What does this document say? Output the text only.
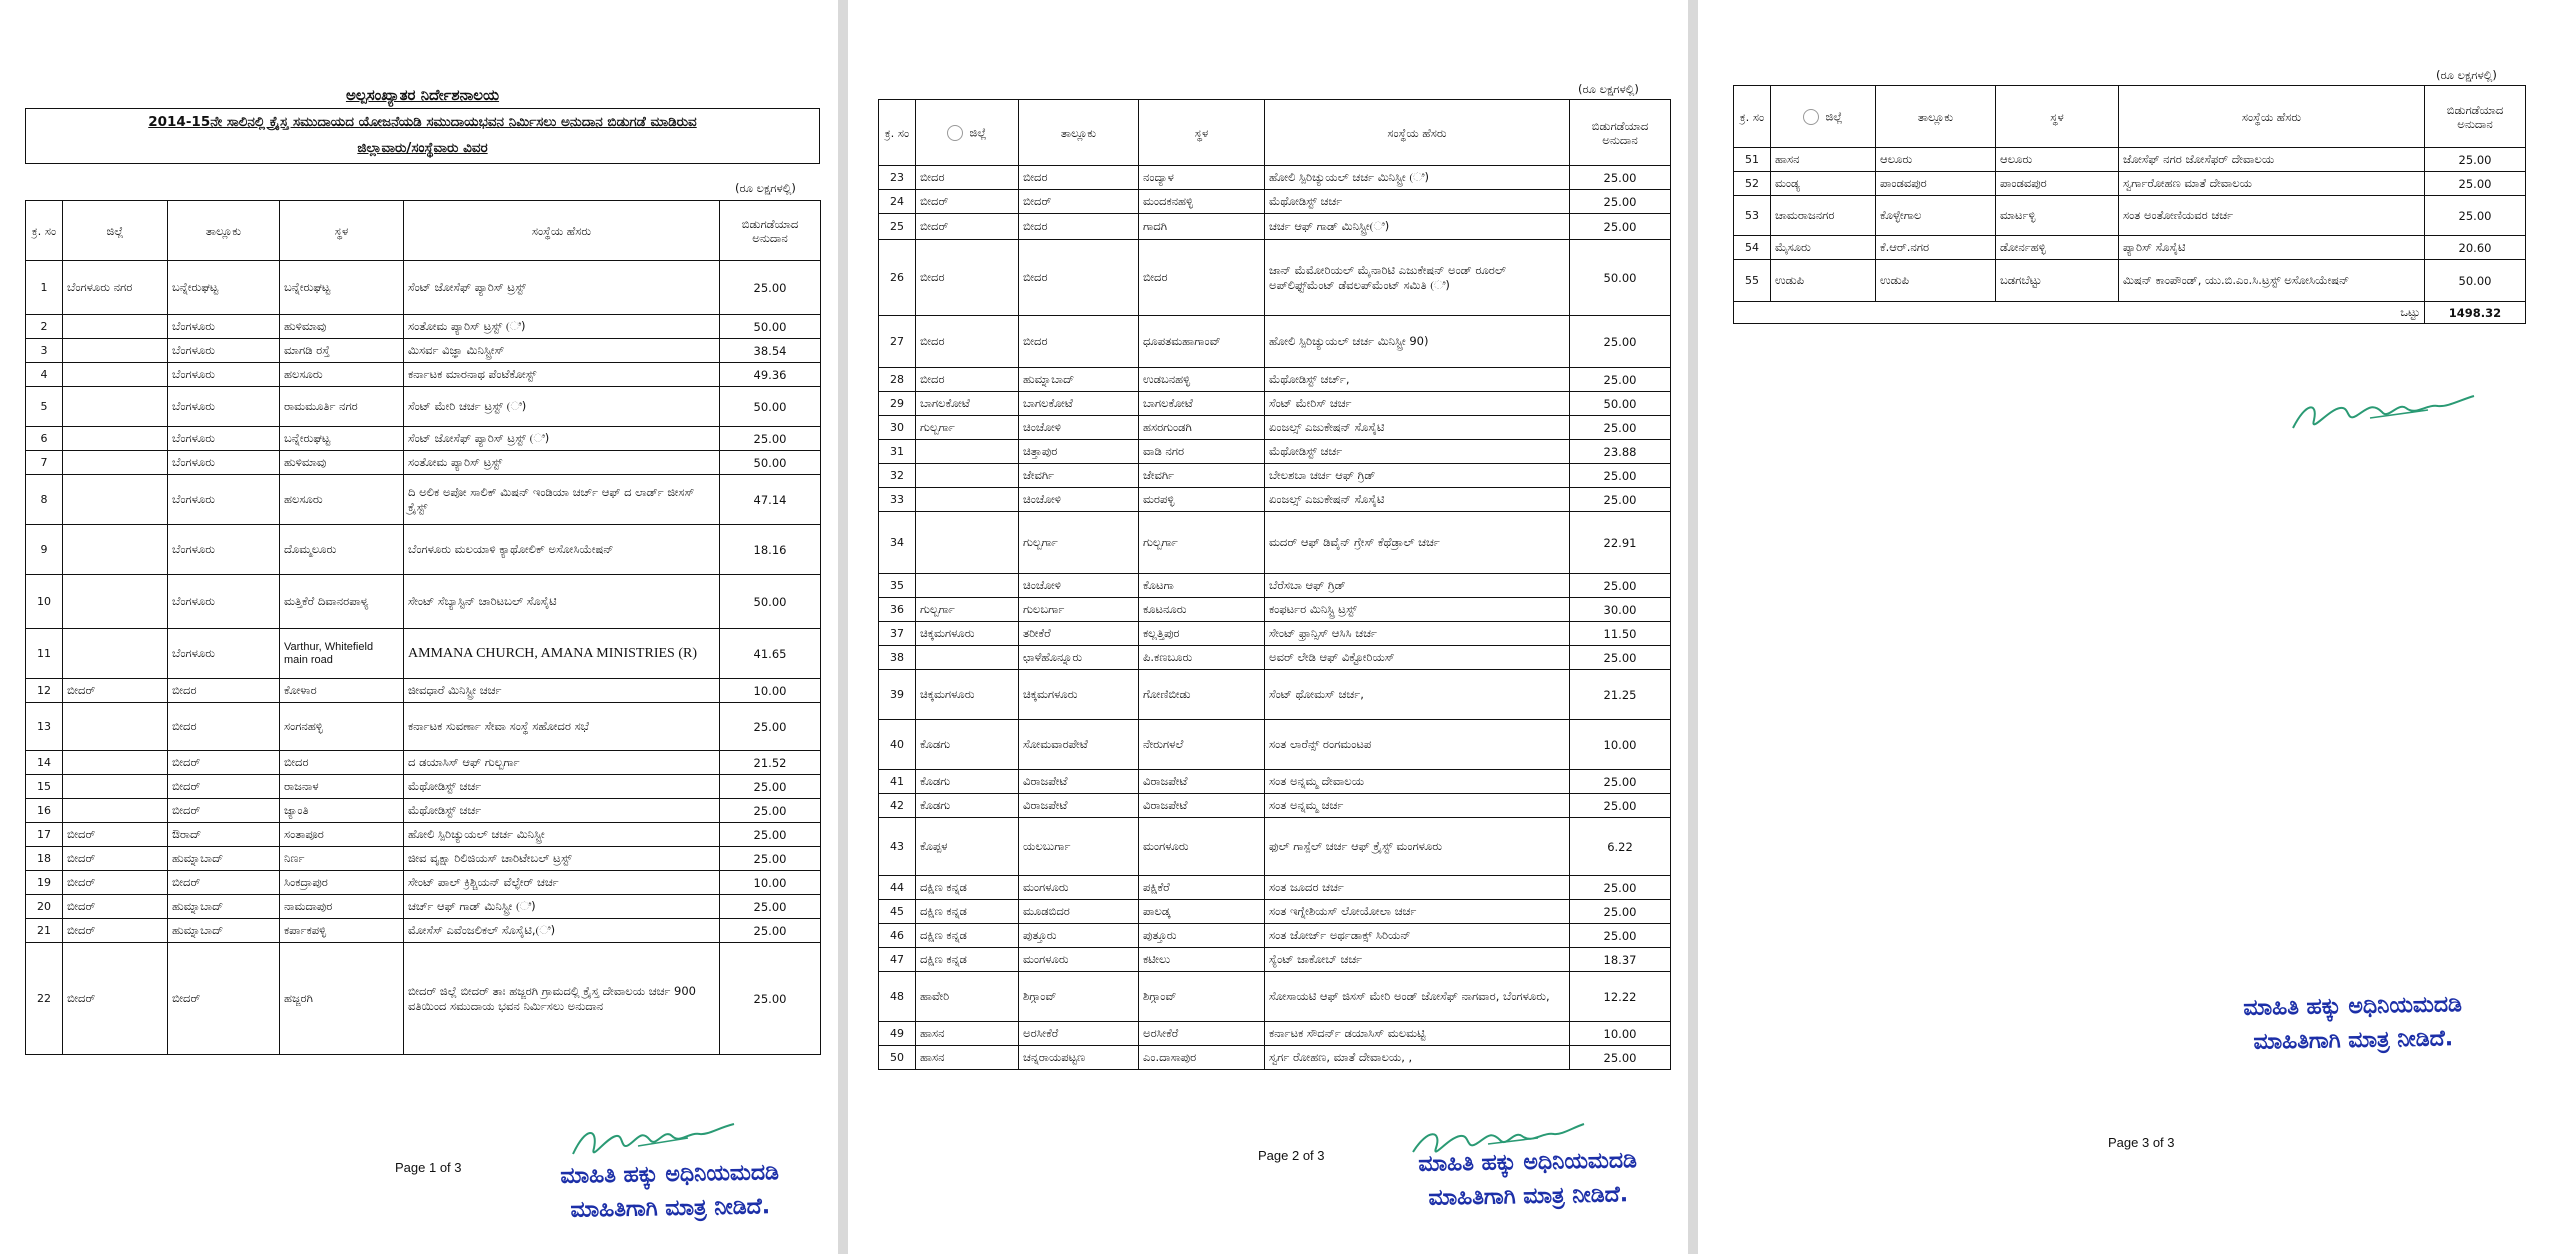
ಅಲ್ಪಸಂಖ್ಯಾತರ ನಿರ್ದೇಶನಾಲಯ
2014-15ನೇ ಸಾಲಿನಲ್ಲಿ ಕ್ರೈಸ್ತ ಸಮುದಾಯದ ಯೋಜನೆಯಡಿ ಸಮುದಾಯಭವನ ನಿರ್ಮಿಸಲು ಅನುದಾನ ಬಿಡುಗಡೆ ಮಾಡಿರುವ
ಜಿಲ್ಲಾವಾರು/ಸಂಸ್ಥೆವಾರು ವಿವರ
(ರೂ ಲಕ್ಷಗಳಲ್ಲಿ)
ಕ್ರ. ಸಂ	ಜಿಲ್ಲೆ	ತಾಲ್ಲೂಕು	ಸ್ಥಳ	ಸಂಸ್ಥೆಯ ಹೆಸರು	ಬಿಡುಗಡೆಯಾದ ಅನುದಾನ
1	ಬೆಂಗಳೂರು ನಗರ	ಬನ್ನೇರುಘಟ್ಟ	ಬನ್ನೇರುಘಟ್ಟ	ಸೆಂಟ್ ಜೋಸೆಫ್ ಪ್ಯಾರಿಸ್ ಟ್ರಸ್ಟ್	25.00
2		ಬೆಂಗಳೂರು	ಹುಳಿಮಾವು	ಸಂತೋಮ ಪ್ಯಾರಿಸ್ ಟ್ರಸ್ಟ್ (ಿ)	50.00
3		ಬೆಂಗಳೂರು	ಮಾಗಡಿ ರಸ್ತೆ	ಮಿಸರ್ವ ವಿಜ್ಞಾ ಮಿನಿಸ್ಟ್ರೀಸ್	38.54
4		ಬೆಂಗಳೂರು	ಹಲಸೂರು	ಕರ್ನಾಟಕ ಮಾರನಾಥ ಪೆಂಟೆಕೋಸ್ಟ್	49.36
5		ಬೆಂಗಳೂರು	ರಾಮಮೂರ್ತಿ ನಗರ	ಸೆಂಟ್ ಮೇರಿ ಚರ್ಚ ಟ್ರಸ್ಟ್ (ಿ)	50.00
6		ಬೆಂಗಳೂರು	ಬನ್ನೇರುಘಟ್ಟ	ಸೆಂಟ್ ಜೋಸೆಫ್ ಪ್ಯಾರಿಸ್ ಟ್ರಸ್ಟ್ (ಿ)	25.00
7		ಬೆಂಗಳೂರು	ಹುಳಿಮಾವು	ಸಂತೋಮ ಪ್ಯಾರಿಸ್ ಟ್ರಸ್ಟ್	50.00
8		ಬೆಂಗಳೂರು	ಹಲಸೂರು	ದಿ ಅಲಿಕ ಅಪೋ ಸಾಲಿಕ್ ಮಿಷನ್ ಇಂಡಿಯಾ ಚರ್ಚ್ ಆಫ್ ದ ಲಾರ್ಡ್ ಜೀಸಸ್ ಕ್ರೈಸ್ಟ್	47.14
9		ಬೆಂಗಳೂರು	ದೊಮ್ಮಲೂರು	ಬೆಂಗಳೂರು ಮಲಯಾಳಿ ಕ್ಯಾಥೋಲಿಕ್ ಅಸೋಸಿಯೇಷನ್	18.16
10		ಬೆಂಗಳೂರು	ಮತ್ತಿಕೆರೆ ದಿವಾನರಪಾಳ್ಯ	ಸೇಂಟ್ ಸೆಬ್ಯಾಸ್ಟಿನ್ ಚಾರಿಟಬಲ್ ಸೊಸೈಟಿ	50.00
11		ಬೆಂಗಳೂರು	Varthur, Whitefield main road	AMMANA CHURCH, AMANA MINISTRIES (R)	41.65
12	ಬೀದರ್	ಬೀದರ	ಕೋಳಾರ	ಜೀವಧಾರೆ ಮಿನಿಸ್ಟ್ರೀ ಚರ್ಚ	10.00
13		ಬೀದರ	ಸಂಗನಹಳ್ಳಿ	ಕರ್ನಾಟಕ ಸುವರ್ಣಾ ಸೇವಾ ಸಂಸ್ಥೆ ಸಹೋದರ ಸಭೆ	25.00
14		ಬೀದರ್	ಬೀದರ	ದ ಡಯಾಸಿಸ್ ಆಫ್ ಗುಲ್ಬರ್ಗಾ	21.52
15		ಬೀದರ್	ರಾಜನಾಳ	ಮೆಥೋಡಿಸ್ಟ್ ಚರ್ಚ	25.00
16		ಬೀದರ್	ಜ್ಯಾಂತಿ	ಮೆಥೋಡಿಸ್ಟ್ ಚರ್ಚ	25.00
17	ಬೀದರ್	ಔರಾದ್	ಸಂತಾಪೂರ	ಹೋಲಿ ಸ್ಪಿರಿಚ್ಯುಯಲ್ ಚರ್ಚ ಮಿನಿಸ್ಟ್ರೀ	25.00
18	ಬೀದರ್	ಹುಮ್ನಾಬಾದ್	ನಿರ್ಣ	ಜೀವ ವೃಕ್ಷಾ ರಿಲಿಜಿಯಸ್ ಚಾರಿಟೇಬಲ್ ಟ್ರಸ್ಟ್	25.00
19	ಬೀದರ್	ಬೀದರ್	ಸಿಂಕದ್ರಾಪುರ	ಸೇಂಟ್ ಪಾಲ್ ಕ್ರಿಶ್ಚಿಯನ್ ವೆಲ್ಫೇರ್ ಚರ್ಚ	10.00
20	ಬೀದರ್	ಹುಮ್ನಾಬಾದ್	ನಾಮದಾಪುರ	ಚರ್ಚ್ ಆಫ್ ಗಾಡ್ ಮಿನಿಸ್ಟ್ರೀ (ಿ)	25.00
21	ಬೀದರ್	ಹುಮ್ನಾಬಾದ್	ಕರ್ಪಾಕಪಳ್ಳಿ	ಮೋಸೆಸ್ ಎವೆಂಜಲಿಕಲ್ ಸೊಸೈಟಿ,(ಿ)	25.00
22	ಬೀದರ್	ಬೀದರ್	ಹಜ್ಜರಗಿ	ಬೀದರ್ ಜಿಲ್ಲೆ ಬೀದರ್ ತಾಃ ಹಜ್ಜರಗಿ ಗ್ರಾಮದಲ್ಲಿ ಕ್ರೈಸ್ತ ದೇವಾಲಯ ಚರ್ಚ 900 ವತಿಯಿಂದ ಸಮುದಾಯ ಭವನ ನಿರ್ಮಿಸಲು ಅನುದಾನ	25.00
Page 1 of 3	ಮಾಹಿತಿ ಹಕ್ಕು ಅಧಿನಿಯಮದಡಿ
ಮಾಹಿತಿಗಾಗಿ ಮಾತ್ರ ನೀಡಿದೆ.
(ರೂ ಲಕ್ಷಗಳಲ್ಲಿ)
ಕ್ರ. ಸಂ	ಜಿಲ್ಲೆ	ತಾಲ್ಲೂಕು	ಸ್ಥಳ	ಸಂಸ್ಥೆಯ ಹೆಸರು	ಬಿಡುಗಡೆಯಾದ ಅನುದಾನ
23	ಬೀದರ	ಬೀದರ	ನಂದ್ಯಾಳ	ಹೋಲಿ ಸ್ಪಿರಿಚ್ಯುಯಲ್ ಚರ್ಚ ಮಿನಿಸ್ಟ್ರೀ (ಿ)	25.00
24	ಬೀದರ್	ಬೀದರ್	ಮಂದಕನಹಳ್ಳಿ	ಮೆಥೋಡಿಸ್ಟ್ ಚರ್ಚ	25.00
25	ಬೀದರ್	ಬೀದರ	ಗಾದಗಿ	ಚರ್ಚ ಆಫ್ ಗಾಡ್ ಮಿನಿಸ್ಟ್ರೀ(ಿ)	25.00
26	ಬೀದರ	ಬೀದರ	ಬೀದರ	ಜಾನ್ ಮೆಮೋರಿಯಲ್ ಮೈನಾರಿಟಿ ಎಜುಕೇಷನ್ ಅಂಡ್ ರೂರಲ್ ಅಪ್‌ಲಿಫ್ಟ್‌ಮೆಂಟ್ ಡೆವಲಪ್‌ಮೆಂಟ್ ಸಮಿತಿ (ಿ)	50.00
27	ಬೀದರ	ಬೀದರ	ಧೂಪತಮಹಾಗಾಂವ್	ಹೋಲಿ ಸ್ಪಿರಿಚ್ಯುಯಲ್ ಚರ್ಚ ಮಿನಿಸ್ಟ್ರೀ 90)	25.00
28	ಬೀದರ	ಹುಮ್ನಾಬಾದ್	ಉಡಬನಹಳ್ಳಿ	ಮೆಥೋಡಿಸ್ಟ್ ಚರ್ಚ್,	25.00
29	ಬಾಗಲಕೋಟೆ	ಬಾಗಲಕೋಟೆ	ಬಾಗಲಕೋಟೆ	ಸೆಂಟ್ ಮೇರಿಸ್ ಚರ್ಚ	50.00
30	ಗುಲ್ಬರ್ಗಾ	ಚಿಂಚೋಳಿ	ಹಸರಗುಂಡಗಿ	ಏಂಜಲ್ಸ್ ಎಜುಕೇಷನ್ ಸೊಸೈಟಿ	25.00
31		ಚಿತ್ತಾಪುರ	ವಾಡಿ ನಗರ	ಮೆಥೋಡಿಸ್ಟ್ ಚರ್ಚ	23.88
32		ಜೇವರ್ಗಿ	ಜೇವರ್ಗಿ	ಬೇಲಶಬಾ ಚರ್ಚ ಆಫ್ ಗ್ರಿಡ್	25.00
33		ಚಿಂಚೋಳಿ	ಮರಪಳ್ಳಿ	ಏಂಜಲ್ಸ್ ಎಜುಕೇಷನ್ ಸೊಸೈಟಿ	25.00
34		ಗುಲ್ಬರ್ಗಾ	ಗುಲ್ಬರ್ಗಾ	ಮದರ್ ಆಫ್ ಡಿವೈನ್ ಗ್ರೇಸ್ ಕೆಥೆಡ್ರಾಲ್ ಚರ್ಚ	22.91
35		ಚಿಂಚೋಳಿ	ಕೊಟಗಾ	ಬೆರೆಸಬಾ ಆಫ್ ಗ್ರಿಡ್	25.00
36	ಗುಲ್ಬರ್ಗಾ	ಗುಲಬರ್ಗಾ	ಕೂಟನೂರು	ಕಂಫರ್ಟರ ಮಿನಿಸ್ಟ್ರಿ ಟ್ರಸ್ಟ್	30.00
37	ಚಿಕ್ಕಮಗಳೂರು	ತರೀಕೆರೆ	ಕಲ್ಲತ್ತಿಪುರ	ಸೇಂಟ್ ಫ್ರಾನ್ಸಿಸ್ ಆಸಿಸಿ ಚರ್ಚ	11.50
38		ಛಾಳೆಹೊನ್ನೂರು	ಪಿ.ಕಣಬೂರು	ಅವರ್ ಲೇಡಿ ಆಫ್ ವಿಕ್ಟೋರಿಯಸ್	25.00
39	ಚಿಕ್ಕಮಗಳೂರು	ಚಿಕ್ಕಮಗಳೂರು	ಗೋಣಿಬೀಡು	ಸೆಂಟ್ ಥೋಮಸ್ ಚರ್ಚ,	21.25
40	ಕೊಡಗು	ಸೋಮವಾರಪೇಟೆ	ನೇರುಗಳಲೆ	ಸಂತ ಲಾರೆನ್ಸ್ ರಂಗಮಂಟಪ	10.00
41	ಕೊಡಗು	ವಿರಾಜಪೇಟೆ	ವಿರಾಜಪೇಟೆ	ಸಂತ ಅನ್ನಮ್ಮ ದೇವಾಲಯ	25.00
42	ಕೊಡಗು	ವಿರಾಜಪೇಟೆ	ವಿರಾಜಪೇಟೆ	ಸಂತ ಅನ್ನಮ್ಮ ಚರ್ಚ	25.00
43	ಕೊಪ್ಪಳ	ಯಲಬುರ್ಗಾ	ಮಂಗಳೂರು	ಫುಲ್ ಗಾಸ್ಪೆಲ್ ಚರ್ಚ ಆಫ್ ಕ್ರೈಸ್ಟ್ ಮಂಗಳೂರು	6.22
44	ದಕ್ಷಿಣ ಕನ್ನಡ	ಮಂಗಳೂರು	ಪಕ್ಷಿಕೆರೆ	ಸಂತ ಜೂದರ ಚರ್ಚ	25.00
45	ದಕ್ಷಿಣ ಕನ್ನಡ	ಮೂಡಬಿದರ	ಪಾಲಡ್ಕ	ಸಂತ ಇಗ್ನೇಶಿಯಸ್ ಲೋಯೋಲಾ ಚರ್ಚ	25.00
46	ದಕ್ಷಿಣ ಕನ್ನಡ	ಪುತ್ತೂರು	ಪುತ್ತೂರು	ಸಂತ ಜೋರ್ಜ್ ಅರ್ಥಡಾಕ್ಸ್ ಸಿರಿಯನ್	25.00
47	ದಕ್ಷಿಣ ಕನ್ನಡ	ಮಂಗಳೂರು	ಕಟೀಲು	ಸ್ಯೆಂಟ್ ಜಾಕೋಬ್ ಚರ್ಚ	18.37
48	ಹಾವೇರಿ	ಶಿಗ್ಗಾಂವ್	ಶಿಗ್ಗಾಂವ್	ಸೋಸಾಯಟಿ ಆಫ್ ಜಿಸಸ್ ಮೇರಿ ಅಂಡ್ ಜೋಸೆಫ್ ನಾಗವಾರ, ಬೆಂಗಳೂರು,	12.22
49	ಹಾಸನ	ಅರಸೀಕೆರೆ	ಅರಸೀಕೆರೆ	ಕರ್ನಾಟಕ ಸೌದರ್ನ್ ಡಯಾಸಿಸ್ ಮಲಮಟ್ಟಿ	10.00
50	ಹಾಸನ	ಚನ್ನರಾಯಪಟ್ಟಣ	ಎಂ.ದಾಸಾಪುರ	ಸ್ವರ್ಗ ರೋಹಣ, ಮಾತೆ ದೇವಾಲಯ, ,	25.00
Page 2 of 3	ಮಾಹಿತಿ ಹಕ್ಕು ಅಧಿನಿಯಮದಡಿ
ಮಾಹಿತಿಗಾಗಿ ಮಾತ್ರ ನೀಡಿದೆ.
(ರೂ ಲಕ್ಷಗಳಲ್ಲಿ)
ಕ್ರ. ಸಂ	ಜಿಲ್ಲೆ	ತಾಲ್ಲೂಕು	ಸ್ಥಳ	ಸಂಸ್ಥೆಯ ಹೆಸರು	ಬಿಡುಗಡೆಯಾದ ಅನುದಾನ
51	ಹಾಸನ	ಆಲೂರು	ಆಲೂರು	ಜೋಸೆಫ್ ನಗರ ಜೋಸೆಫರ್ ದೇವಾಲಯ	25.00
52	ಮಂಡ್ಯ	ಪಾಂಡವಪುರ	ಪಾಂಡವಪುರ	ಸ್ವರ್ಗಾರೋಹಣ ಮಾತೆ ದೇವಾಲಯ	25.00
53	ಚಾಮರಾಜನಗರ	ಕೊಳ್ಳೇಗಾಲ	ಮಾರ್ಟಳ್ಳಿ	ಸಂತ ಅಂತೋಣಿಯವರ ಚರ್ಚ	25.00
54	ಮೈಸೂರು	ಕೆ.ಆರ್.ನಗರ	ಡೋರ್ನಹಳ್ಳಿ	ಪ್ಯಾರಿಸ್ ಸೊಸೈಟಿ	20.60
55	ಉಡುಪಿ	ಉಡುಪಿ	ಬಡಗಬೆಟ್ಟು	ಮಿಷನ್ ಕಾಂಪೌಂಡ್, ಯು.ಬಿ.ಎಂ.ಸಿ.ಟ್ರಸ್ಟ್ ಅಸೋಸಿಯೇಷನ್	50.00
ಒಟ್ಟು					1498.32
ಮಾಹಿತಿ ಹಕ್ಕು ಅಧಿನಿಯಮದಡಿ
ಮಾಹಿತಿಗಾಗಿ ಮಾತ್ರ ನೀಡಿದೆ.
Page 3 of 3
